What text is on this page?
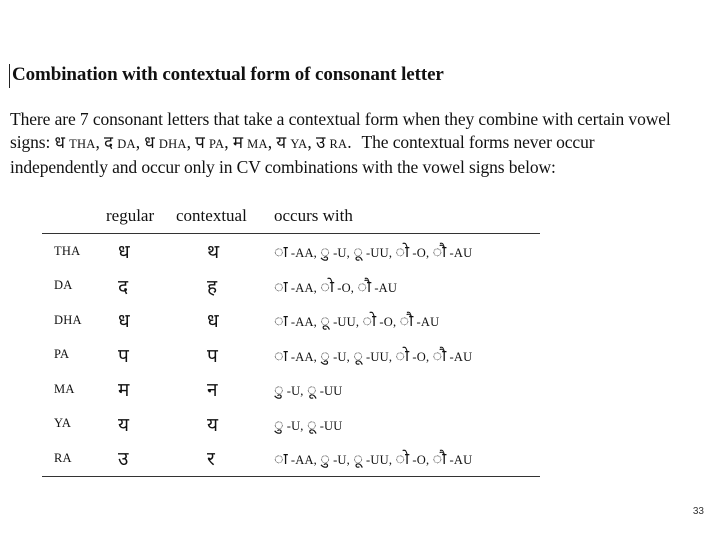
Combination with contextual form of consonant letter
There are 7 consonant letters that take a contextual form when they combine with certain vowel
signs: ध THA, द DA, ध DHA, प PA, म MA, य YA, उ RA. The contextual forms never occur
independently and occur only in CV combinations with the vowel signs below:
	regular	contextual	occurs with
THA	ध	थ	ा -AA, ु -U, ू -UU, ो -O, ौ -AU
DA	द	ह	ा -AA, ो -O, ौ -AU
DHA	ध	ध	ा -AA, ू -UU, ो -O, ौ -AU
PA	प	प	ा -AA, ु -U, ू -UU, ो -O, ौ -AU
MA	म	न	ु -U, ू -UU
YA	य	य	ु -U, ू -UU
RA	उ	र	ा -AA, ु -U, ू -UU, ो -O, ौ -AU
33
